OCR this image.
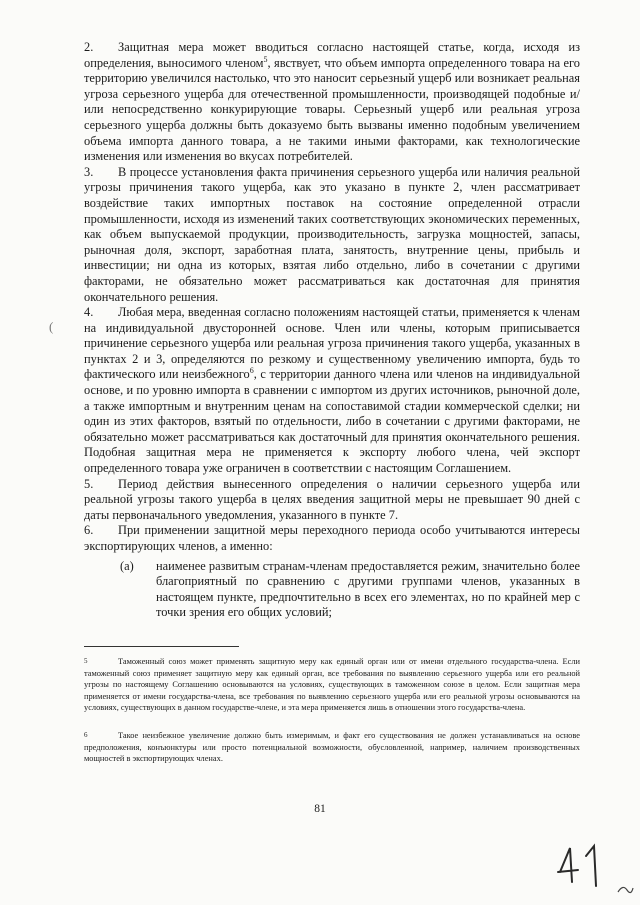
(

2. Защитная мера может вводиться согласно настоящей статье, когда, исходя из определения, выносимого членом$^5$, явствует, что объем импорта определенного товара на его территорию увеличился настолько, что это наносит серьезный ущерб или возникает реальная угроза серьезного ущерба для отечественной промышленности, производящей подобные и/или непосредственно конкурирующие товары. Серьезный ущерб или реальная угроза серьезного ущерба должны быть доказуемо быть вызваны именно подобным увеличением объема импорта данного товара, а не такими иными факторами, как технологические изменения или изменения во вкусах потребителей.

3. В процессе установления факта причинения серьезного ущерба или наличия реальной угрозы причинения такого ущерба, как это указано в пункте 2, член рассматривает воздействие таких импортных поставок на состояние определенной отрасли промышленности, исходя из изменений таких соответствующих экономических переменных, как объем выпускаемой продукции, производительность, загрузка мощностей, запасы, рыночная доля, экспорт, заработная плата, занятость, внутренние цены, прибыль и инвестиции; ни одна из которых, взятая либо отдельно, либо в сочетании с другими факторами, не обязательно может рассматриваться как достаточная для принятия окончательного решения.

4. Любая мера, введенная согласно положениям настоящей статьи, применяется к членам на индивидуальной двусторонней основе. Член или члены, которым приписывается причинение серьезного ущерба или реальная угроза причинения такого ущерба, указанных в пунктах 2 и 3, определяются по резкому и существенному увеличению импорта, будь то фактического или неизбежного$^6$, с территории данного члена или членов на индивидуальной основе, и по уровню импорта в сравнении с импортом из других источников, рыночной доле, а также импортным и внутренним ценам на сопоставимой стадии коммерческой сделки; ни один из этих факторов, взятый по отдельности, либо в сочетании с другими факторами, не обязательно может рассматриваться как достаточный для принятия окончательного решения. Подобная защитная мера не применяется к экспорту любого члена, чей экспорт определенного товара уже ограничен в соответствии с настоящим Соглашением.

5. Период действия вынесенного определения о наличии серьезного ущерба или реальной угрозы такого ущерба в целях введения защитной меры не превышает 90 дней с даты первоначального уведомления, указанного в пункте 7.

6. При применении защитной меры переходного периода особо учитываются интересы экспортирующих членов, а именно:

(a)	наименее развитым странам-членам предоставляется режим, значительно более благоприятный по сравнению с другими группами членов, указанных в настоящем пункте, предпочтительно в всех его элементах, но по крайней мер с точки зрения его общих условий;

5	Таможенный союз может применять защитную меру как единый орган или от имени отдельного государства-члена. Если таможенный союз применяет защитную меру как единый орган, все требования по выявлению серьезного ущерба или его реальной угрозы по настоящему Соглашению основываются на условиях, существующих в таможенном союзе в целом. Если защитная мера применяется от имени государства-члена, все требования по выявлению серьезного ущерба или его реальной угрозы основываются на условиях, существующих в данном государстве-члене, и эта мера применяется лишь в отношении этого государства-члена.

6	Такое неизбежное увеличение должно быть измеримым, и факт его существования не должен устанавливаться на основе предположения, конъюнктуры или просто потенциальной возможности, обусловленной, например, наличием производственных мощностей в экспортирующих членах.

81
